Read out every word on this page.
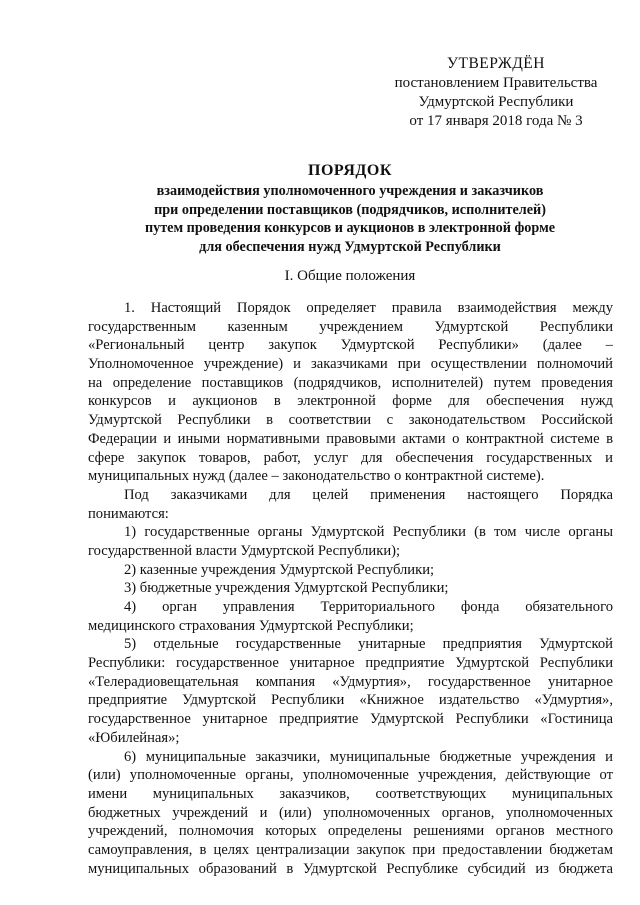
УТВЕРЖДЁН
постановлением Правительства
Удмуртской Республики
от 17 января 2018 года № 3
ПОРЯДОК
взаимодействия уполномоченного учреждения и заказчиков
при определении поставщиков (подрядчиков, исполнителей)
путем проведения конкурсов и аукционов в электронной форме
для обеспечения нужд Удмуртской Республики
I. Общие положения
1. Настоящий Порядок определяет правила взаимодействия между
государственным казенным учреждением Удмуртской Республики
«Региональный центр закупок Удмуртской Республики» (далее –
Уполномоченное учреждение) и заказчиками при осуществлении полномочий
на определение поставщиков (подрядчиков, исполнителей) путем проведения
конкурсов и аукционов в электронной форме для обеспечения нужд
Удмуртской Республики в соответствии с законодательством Российской
Федерации и иными нормативными правовыми актами о контрактной системе в
сфере закупок товаров, работ, услуг для обеспечения государственных и
муниципальных нужд (далее – законодательство о контрактной системе).
Под заказчиками для целей применения настоящего Порядка
понимаются:
1) государственные органы Удмуртской Республики (в том числе органы
государственной власти Удмуртской Республики);
2) казенные учреждения Удмуртской Республики;
3) бюджетные учреждения Удмуртской Республики;
4) орган управления Территориального фонда обязательного
медицинского страхования Удмуртской Республики;
5) отдельные государственные унитарные предприятия Удмуртской
Республики: государственное унитарное предприятие Удмуртской Республики
«Телерадиовещательная компания «Удмуртия», государственное унитарное
предприятие Удмуртской Республики «Книжное издательство «Удмуртия»,
государственное унитарное предприятие Удмуртской Республики «Гостиница
«Юбилейная»;
6) муниципальные заказчики, муниципальные бюджетные учреждения и
(или) уполномоченные органы, уполномоченные учреждения, действующие от
имени муниципальных заказчиков, соответствующих муниципальных
бюджетных учреждений и (или) уполномоченных органов, уполномоченных
учреждений, полномочия которых определены решениями органов местного
самоуправления, в целях централизации закупок при предоставлении бюджетам
муниципальных образований в Удмуртской Республике субсидий из бюджета
